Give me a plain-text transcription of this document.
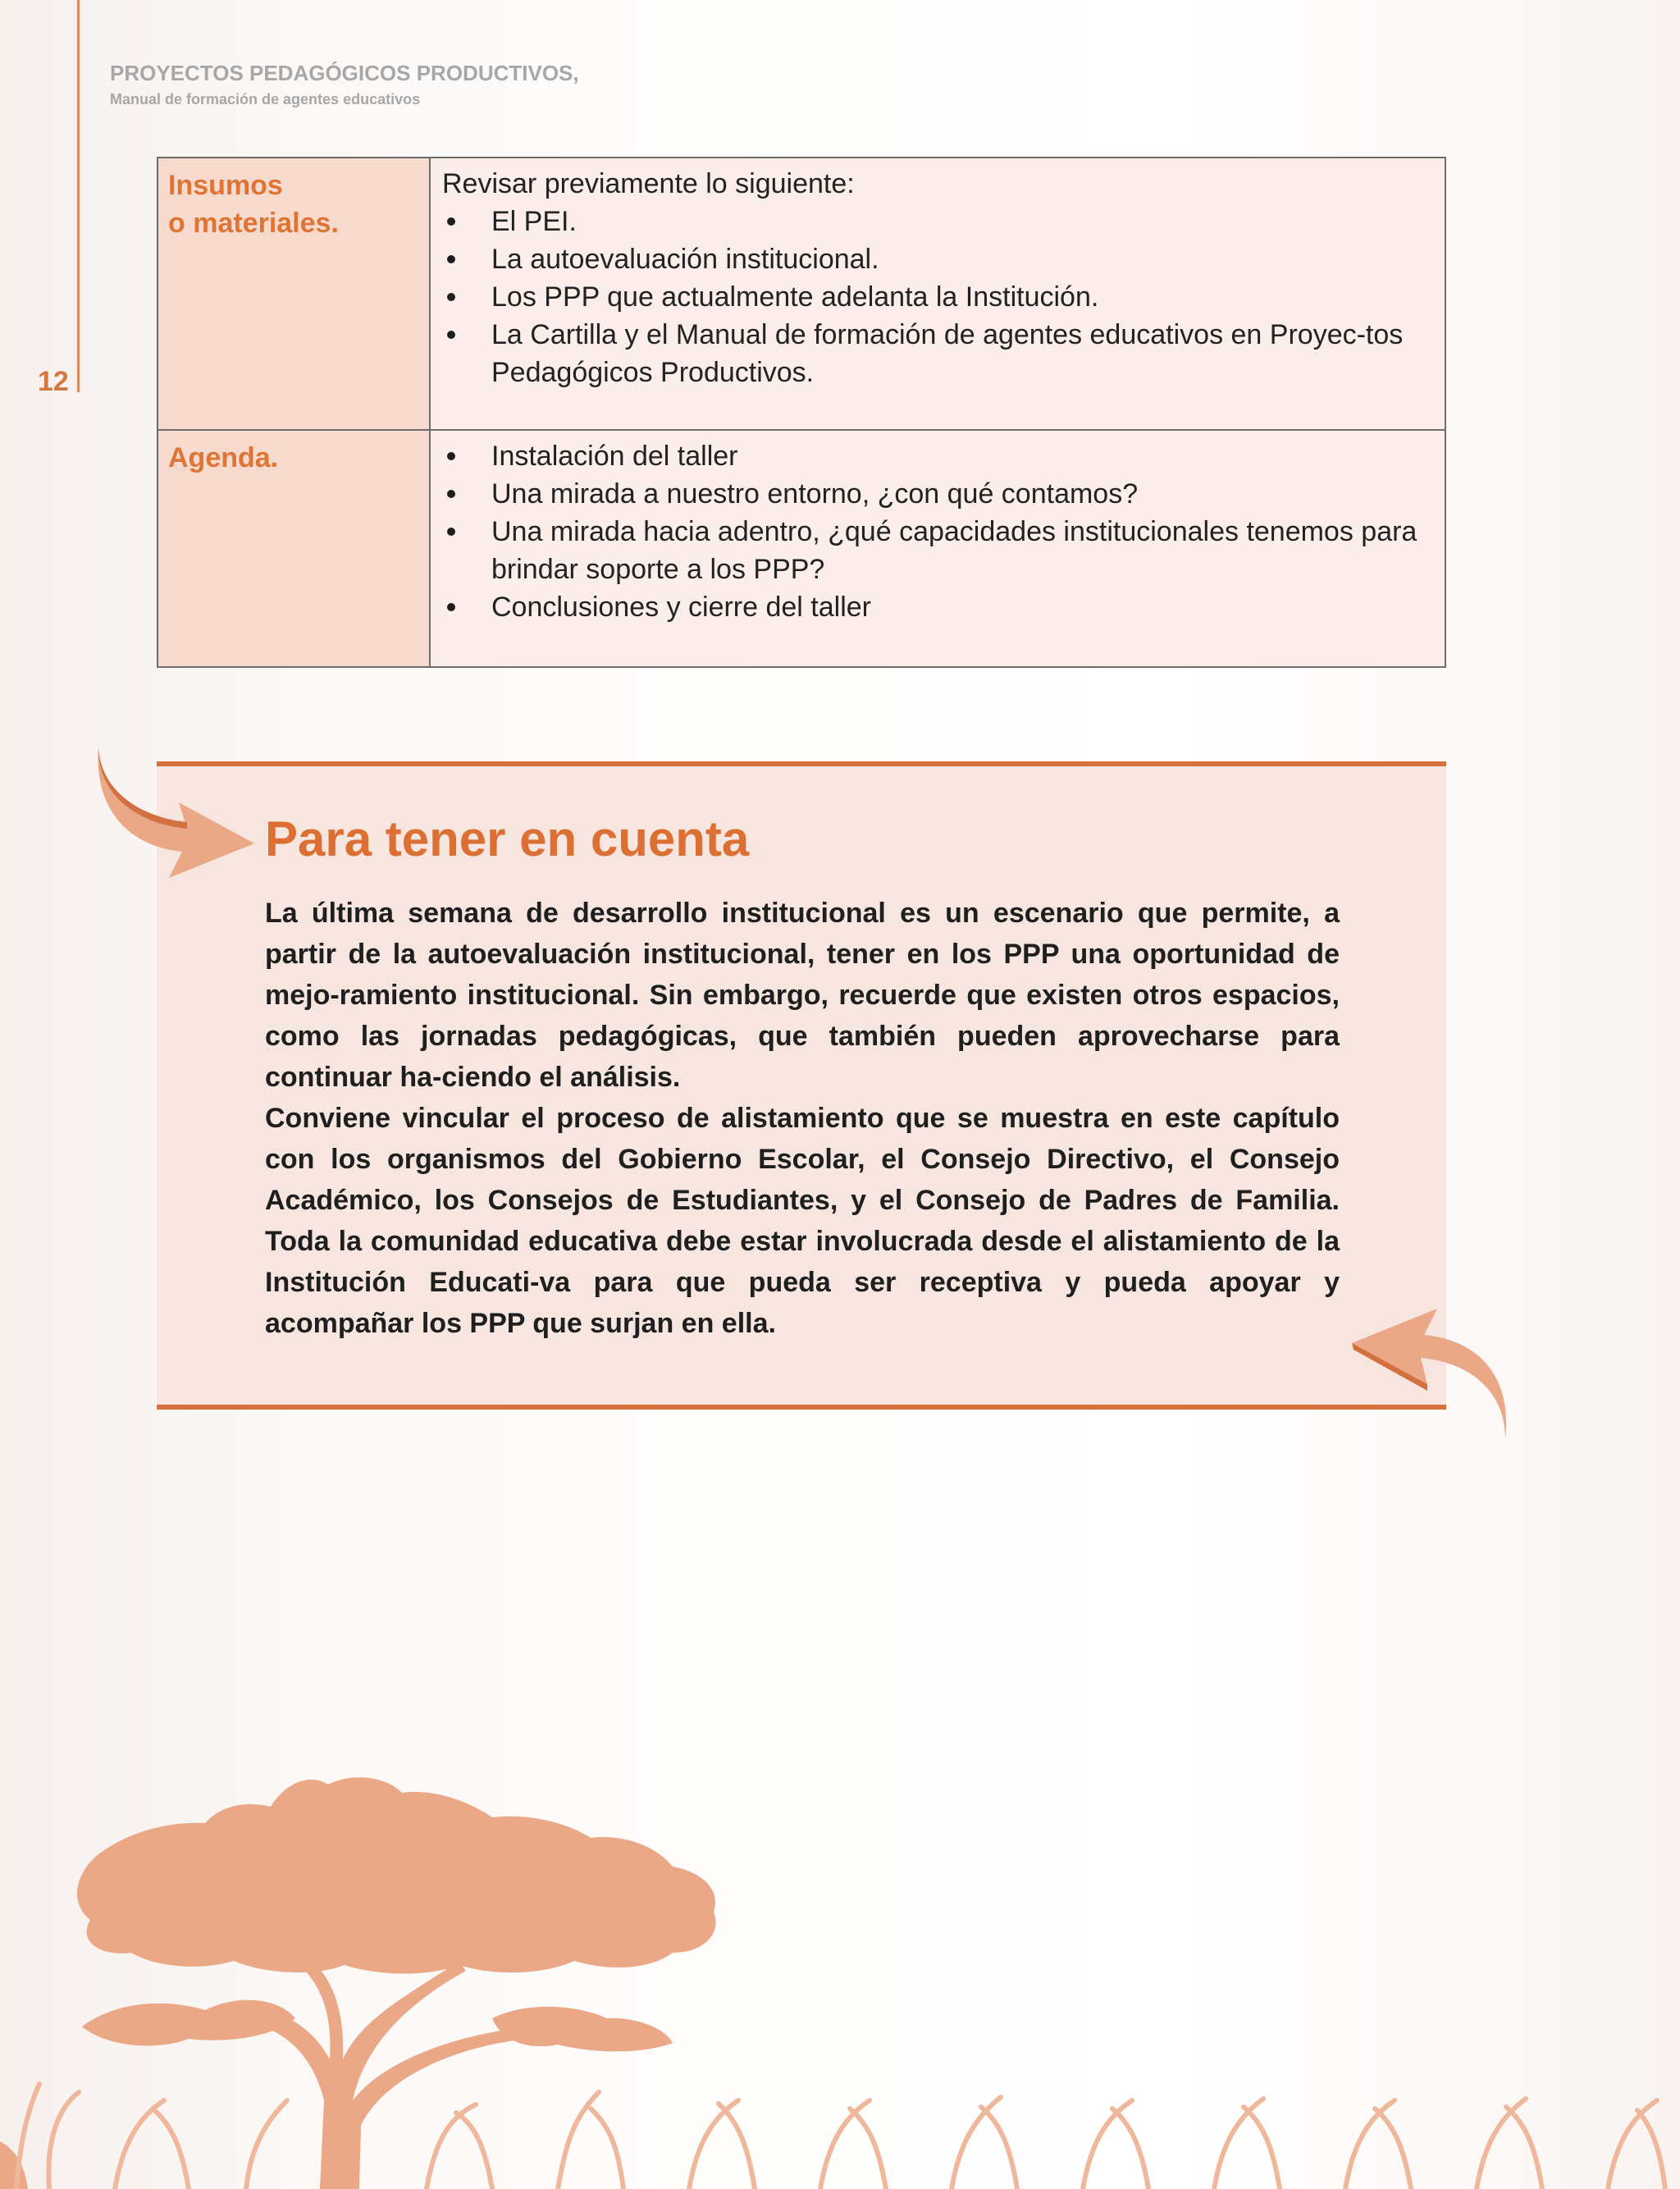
12
PROYECTOS PEDAGÓGICOS PRODUCTIVOS,
Manual de formación de agentes educativos
Insumos
o materiales.
Revisar previamente lo siguiente:
El PEI.
La autoevaluación institucional.
Los PPP que actualmente adelanta la Institución.
La Cartilla y el Manual de formación de agentes educativos en Proyec-tos Pedagógicos Productivos.
Agenda.	Instalación del taller
Una mirada a nuestro entorno, ¿con qué contamos?
Una mirada hacia adentro, ¿qué capacidades institucionales tenemos para brindar soporte a los PPP?
Conclusiones y cierre del taller
Para tener en cuenta

La última semana de desarrollo institucional es un escenario que permite, a partir de la autoevaluación institucional, tener en los PPP una oportunidad de mejo-ramiento institucional. Sin embargo, recuerde que existen otros espacios, como las jornadas pedagógicas, que también pueden aprovecharse para continuar ha-ciendo el análisis.

Conviene vincular el proceso de alistamiento que se muestra en este capítulo con los organismos del Gobierno Escolar, el Consejo Directivo, el Consejo Académico, los Consejos de Estudiantes, y el Consejo de Padres de Familia. Toda la comunidad educativa debe estar involucrada desde el alistamiento de la Institución Educati-va para que pueda ser receptiva y pueda apoyar y acompañar los PPP que surjan en ella.
